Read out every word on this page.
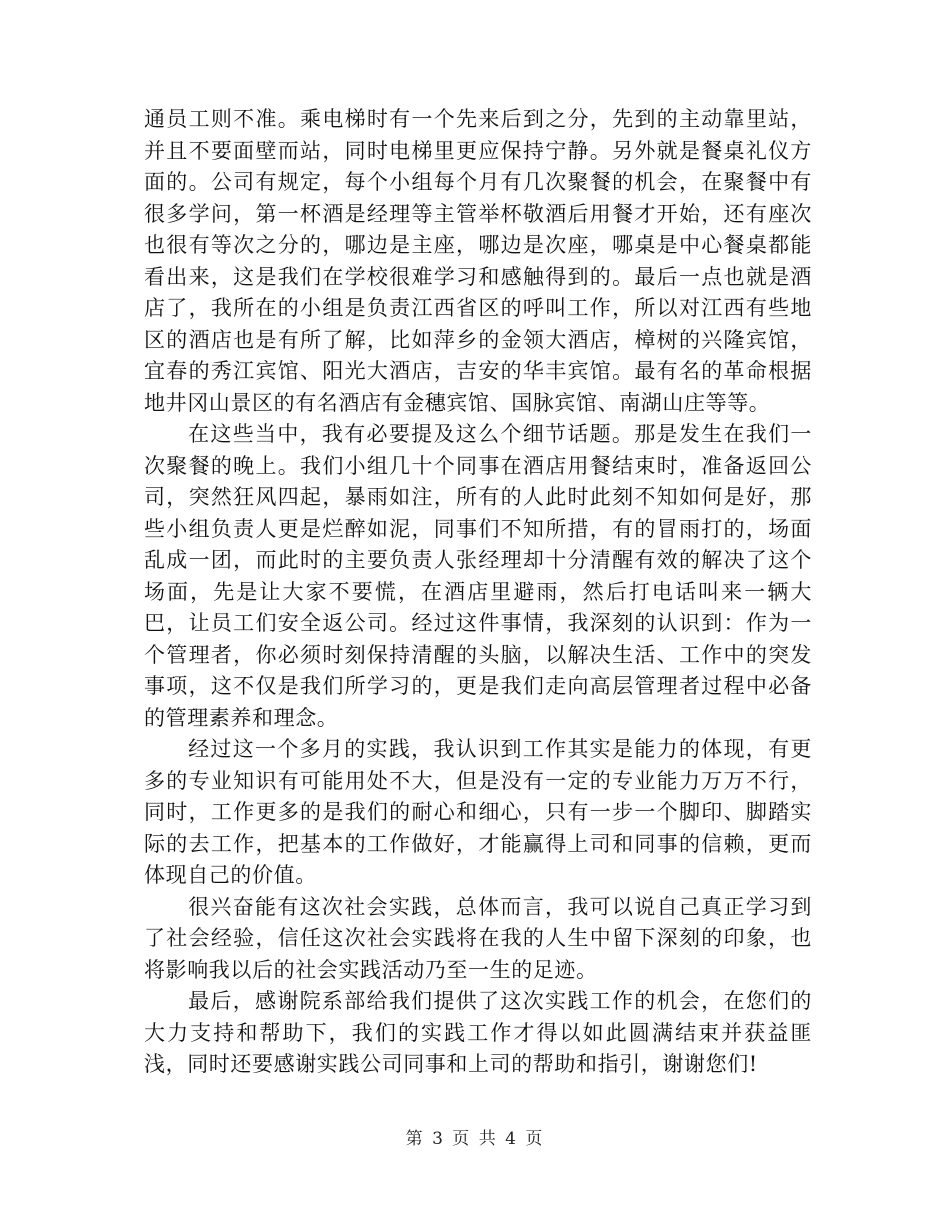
通员工则不准。乘电梯时有一个先来后到之分，先到的主动靠里站，并且不要面壁而站，同时电梯里更应保持宁静。另外就是餐桌礼仪方面的。公司有规定，每个小组每个月有几次聚餐的机会，在聚餐中有很多学问，第一杯酒是经理等主管举杯敬酒后用餐才开始，还有座次也很有等次之分的，哪边是主座，哪边是次座，哪桌是中心餐桌都能看出来，这是我们在学校很难学习和感触得到的。最后一点也就是酒店了，我所在的小组是负责江西省区的呼叫工作，所以对江西有些地区的酒店也是有所了解，比如萍乡的金领大酒店，樟树的兴隆宾馆，宜春的秀江宾馆、阳光大酒店，吉安的华丰宾馆。最有名的革命根据地井冈山景区的有名酒店有金穗宾馆、国脉宾馆、南湖山庄等等。

在这些当中，我有必要提及这么个细节话题。那是发生在我们一次聚餐的晚上。我们小组几十个同事在酒店用餐结束时，准备返回公司，突然狂风四起，暴雨如注，所有的人此时此刻不知如何是好，那些小组负责人更是烂醉如泥，同事们不知所措，有的冒雨打的，场面乱成一团，而此时的主要负责人张经理却十分清醒有效的解决了这个场面，先是让大家不要慌，在酒店里避雨，然后打电话叫来一辆大巴，让员工们安全返公司。经过这件事情，我深刻的认识到：作为一个管理者，你必须时刻保持清醒的头脑，以解决生活、工作中的突发事项，这不仅是我们所学习的，更是我们走向高层管理者过程中必备的管理素养和理念。

经过这一个多月的实践，我认识到工作其实是能力的体现，有更多的专业知识有可能用处不大，但是没有一定的专业能力万万不行，同时，工作更多的是我们的耐心和细心，只有一步一个脚印、脚踏实际的去工作，把基本的工作做好，才能赢得上司和同事的信赖，更而体现自己的价值。

很兴奋能有这次社会实践，总体而言，我可以说自己真正学习到了社会经验，信任这次社会实践将在我的人生中留下深刻的印象，也将影响我以后的社会实践活动乃至一生的足迹。

最后，感谢院系部给我们提供了这次实践工作的机会，在您们的大力支持和帮助下，我们的实践工作才得以如此圆满结束并获益匪浅，同时还要感谢实践公司同事和上司的帮助和指引，谢谢您们!

第 3 页 共 4 页
